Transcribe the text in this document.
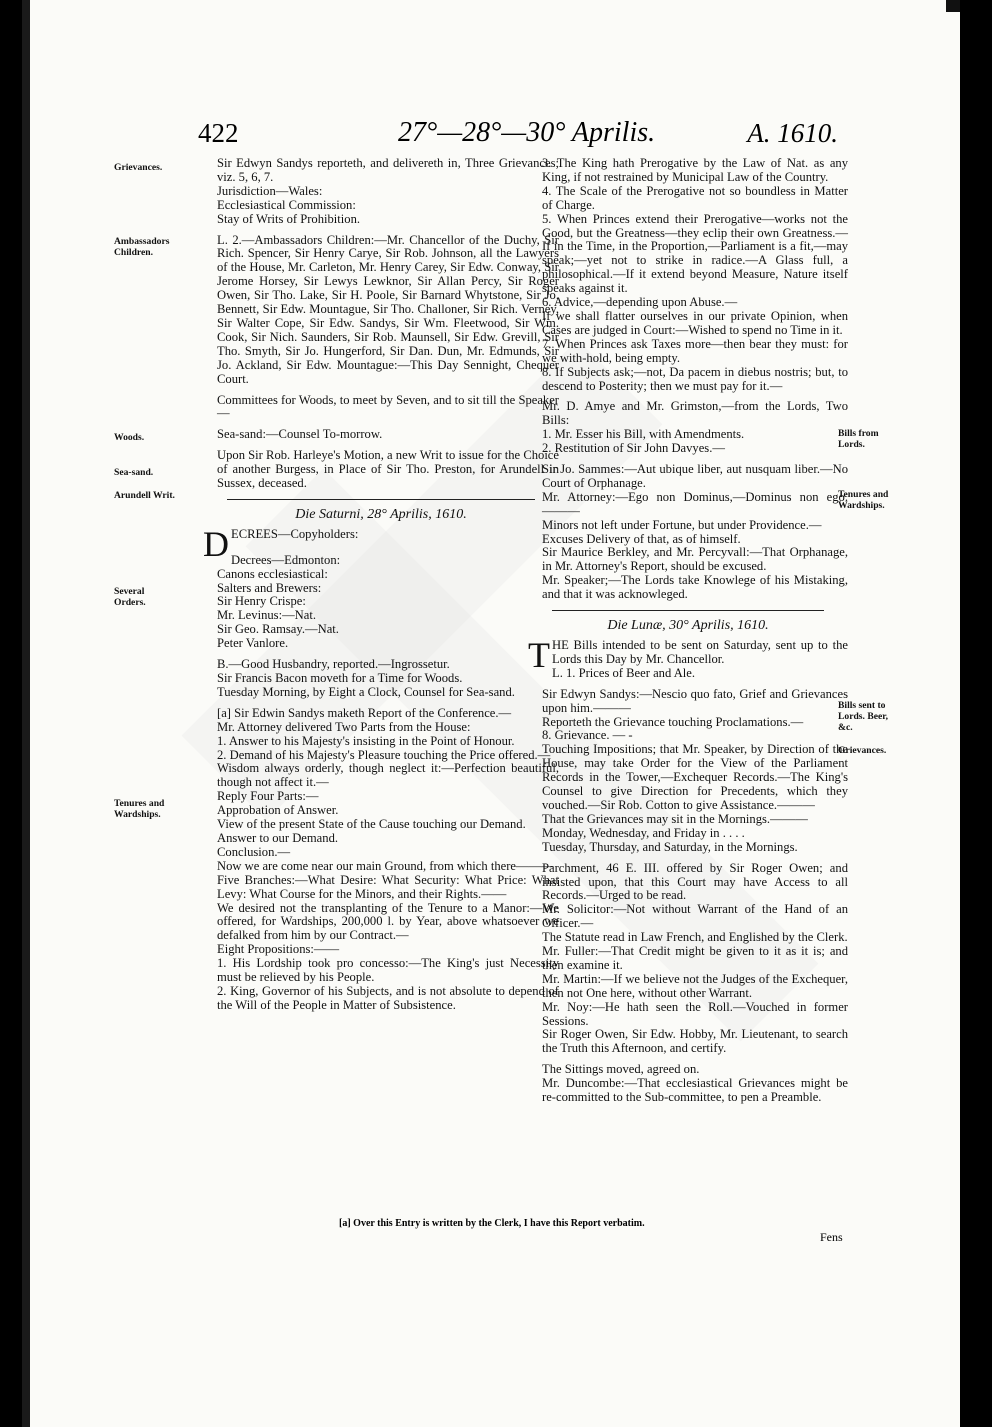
422	27°—28°—30° Aprilis.	A. 1610.
Grievances.
Ambassadors Children.
Woods.
Sea-sand.
Arundell Writ.
Several Orders.
Tenures and Wardships.
Bills from Lords.
Tenures and Wardships.
Bills sent to Lords. Beer, &c.
Grievances.

Sir Edwyn Sandys reporteth, and delivereth in, Three Grievances; viz. 5, 6, 7.

Jurisdiction—Wales:
Ecclesiastical Commission:
Stay of Writs of Prohibition.

L. 2.—Ambassadors Children:—Mr. Chancellor of the Duchy, Sir Rich. Spencer, Sir Henry Carye, Sir Rob. Johnson, all the Lawyers of the House, Mr. Carleton, Mr. Henry Carey, Sir Edw. Conway, Sir Jerome Horsey, Sir Lewys Lewknor, Sir Allan Percy, Sir Roger Owen, Sir Tho. Lake, Sir H. Poole, Sir Barnard Whytstone, Sir Jo. Bennett, Sir Edw. Mountague, Sir Tho. Challoner, Sir Rich. Verney, Sir Walter Cope, Sir Edw. Sandys, Sir Wm. Fleetwood, Sir Wm. Cook, Sir Nich. Saunders, Sir Rob. Maunsell, Sir Edw. Grevill, Sir Tho. Smyth, Sir Jo. Hungerford, Sir Dan. Dun, Mr. Edmunds, Sir Jo. Ackland, Sir Edw. Mountague:—This Day Sennight, Chequer Court.

Committees for Woods, to meet by Seven, and to sit till the Speaker—

Sea-sand:—Counsel To-morrow.

Upon Sir Rob. Harleye's Motion, a new Writ to issue for the Choice of another Burgess, in Place of Sir Tho. Preston, for Arundell in Sussex, deceased.

Die Saturni, 28° Aprilis, 1610.

DECREES—Copyholders:

Decrees—Edmonton:
Canons ecclesiastical:
Salters and Brewers:
Sir Henry Crispe:
Mr. Levinus:—Nat.
Sir Geo. Ramsay.—Nat.
Peter Vanlore.

B.—Good Husbandry, reported.—Ingrossetur.

Sir Francis Bacon moveth for a Time for Woods.

Tuesday Morning, by Eight a Clock, Counsel for Sea-sand.

[a] Sir Edwin Sandys maketh Report of the Conference.—

Mr. Attorney delivered Two Parts from the House:

1. Answer to his Majesty's insisting in the Point of Honour.

2. Demand of his Majesty's Pleasure touching the Price offered.—

Wisdom always orderly, though neglect it:—Perfection beautiful, though not affect it.—

Reply Four Parts:—

Approbation of Answer.

View of the present State of the Cause touching our Demand.

Answer to our Demand.

Conclusion.—

Now we are come near our main Ground, from which there———

Five Branches:—What Desire: What Security: What Price: What Levy: What Course for the Minors, and their Rights.——

We desired not the transplanting of the Tenure to a Manor:—We offered, for Wardships, 200,000 l. by Year, above whatsoever we defalked from him by our Contract.—

Eight Propositions:——

1. His Lordship took pro concesso:—The King's just Necessity must be relieved by his People.

2. King, Governor of his Subjects, and is not absolute to depend of the Will of the People in Matter of Subsistence.

3. The King hath Prerogative by the Law of Nat. as any King, if not restrained by Municipal Law of the Country.

4. The Scale of the Prerogative not so boundless in Matter of Charge.

5. When Princes extend their Prerogative—works not the Good, but the Greatness—they eclip their own Greatness.—If in the Time, in the Proportion,—Parliament is a fit,—may speak;—yet not to strike in radice.—A Glass full, a philosophical.—If it extend beyond Measure, Nature itself speaks against it.

6. Advice,—depending upon Abuse.—

If we shall flatter ourselves in our private Opinion, when Cases are judged in Court:—Wished to spend no Time in it.

7. When Princes ask Taxes more—then bear they must: for we with-hold, being empty.

8. If Subjects ask;—not, Da pacem in diebus nostris; but, to descend to Posterity; then we must pay for it.—

Mr. D. Amye and Mr. Grimston,—from the Lords, Two Bills:

1. Mr. Esser his Bill, with Amendments.
2. Restitution of Sir John Davyes.—

Sir Jo. Sammes:—Aut ubique liber, aut nusquam liber.—No Court of Orphanage.

Mr. Attorney:—Ego non Dominus,—Dominus non ego.———

Minors not left under Fortune, but under Providence.—

Excuses Delivery of that, as of himself.

Sir Maurice Berkley, and Mr. Percyvall:—That Orphanage, in Mr. Attorney's Report, should be excused.

Mr. Speaker;—The Lords take Knowlege of his Mistaking, and that it was acknowleged.

Die Lunæ, 30° Aprilis, 1610.

THE Bills intended to be sent on Saturday, sent up to the Lords this Day by Mr. Chancellor.

L. 1. Prices of Beer and Ale.

Sir Edwyn Sandys:—Nescio quo fato, Grief and Grievances upon him.———

Reporteth the Grievance touching Proclamations.—

8. Grievance. — -

Touching Impositions; that Mr. Speaker, by Direction of the House, may take Order for the View of the Parliament Records in the Tower,—Exchequer Records.—The King's Counsel to give Direction for Precedents, which they vouched.—Sir Rob. Cotton to give Assistance.———

That the Grievances may sit in the Mornings.———

Monday, Wednesday, and Friday in . . . .
Tuesday, Thursday, and Saturday, in the Mornings.

Parchment, 46 E. III. offered by Sir Roger Owen; and insisted upon, that this Court may have Access to all Records.—Urged to be read.

Mr. Solicitor:—Not without Warrant of the Hand of an Officer.—

The Statute read in Law French, and Englished by the Clerk.

Mr. Fuller:—That Credit might be given to it as it is; and then examine it.

Mr. Martin:—If we believe not the Judges of the Exchequer, then not One here, without other Warrant.

Mr. Noy:—He hath seen the Roll.—Vouched in former Sessions.

Sir Roger Owen, Sir Edw. Hobby, Mr. Lieutenant, to search the Truth this Afternoon, and certify.

The Sittings moved, agreed on.

Mr. Duncombe:—That ecclesiastical Grievances might be re-committed to the Sub-committee, to pen a Preamble.

[a] Over this Entry is written by the Clerk, I have this Report verbatim.
Fens
